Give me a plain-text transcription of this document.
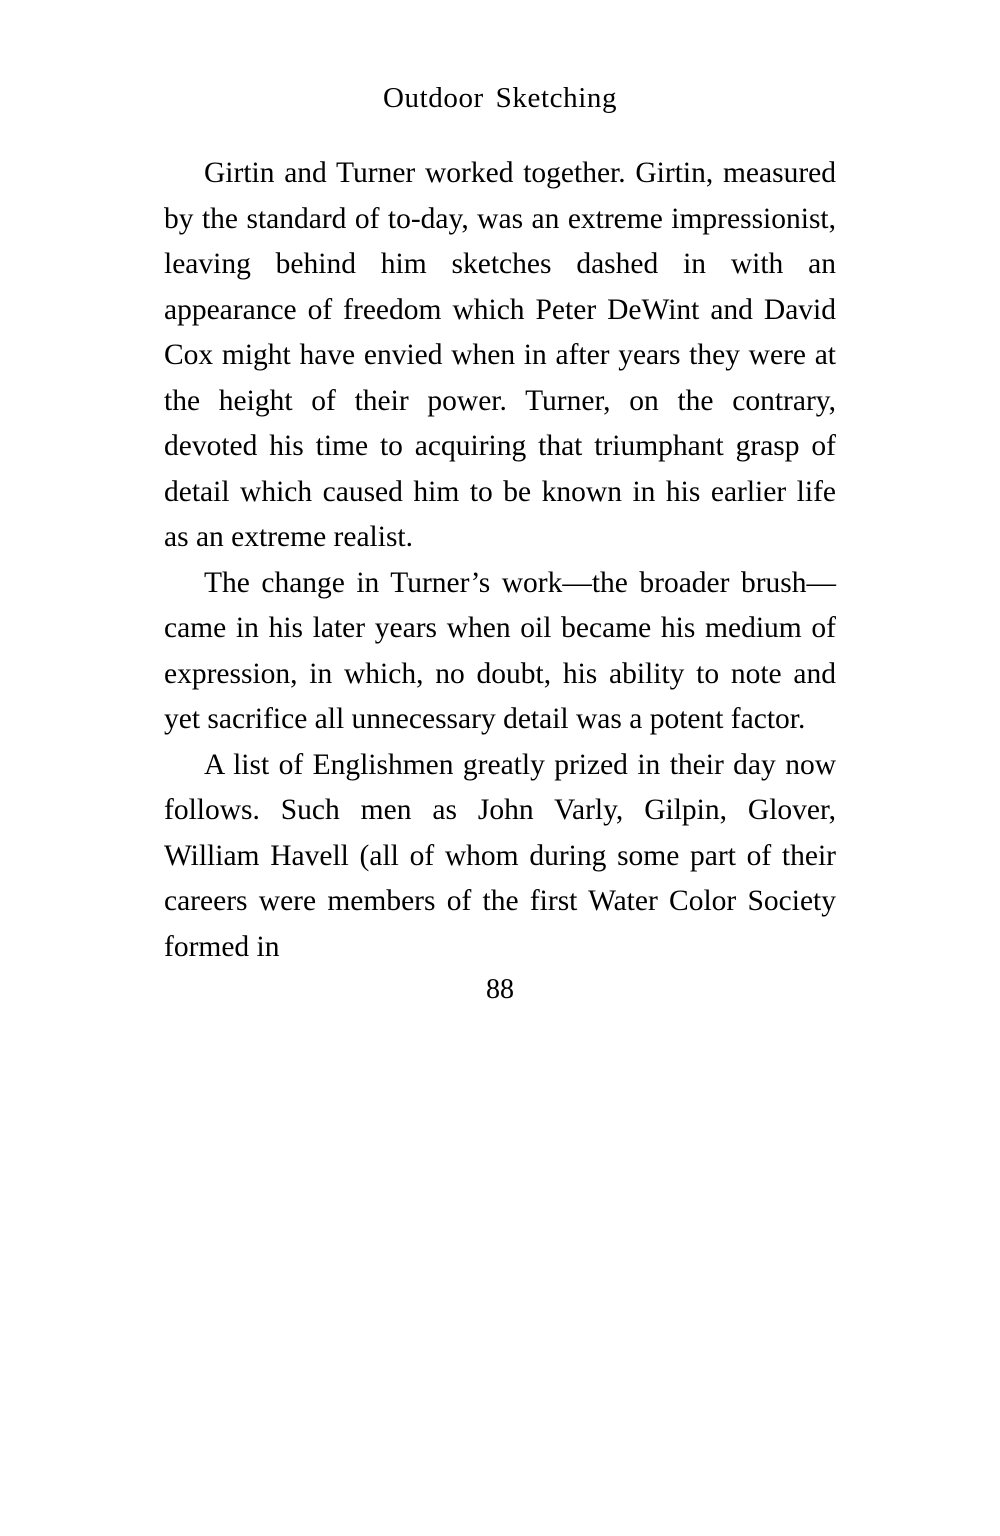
Outdoor Sketching

Girtin and Turner worked together. Girtin, measured by the standard of to-day, was an extreme impressionist, leaving behind him sketches dashed in with an appearance of freedom which Peter DeWint and David Cox might have envied when in after years they were at the height of their power. Turner, on the contrary, devoted his time to acquiring that triumphant grasp of detail which caused him to be known in his earlier life as an extreme realist.

The change in Turner’s work—the broader brush—came in his later years when oil became his medium of expression, in which, no doubt, his ability to note and yet sacrifice all unnecessary detail was a potent factor.

A list of Englishmen greatly prized in their day now follows. Such men as John Varly, Gilpin, Glover, William Havell (all of whom during some part of their careers were members of the first Water Color Society formed in

88
